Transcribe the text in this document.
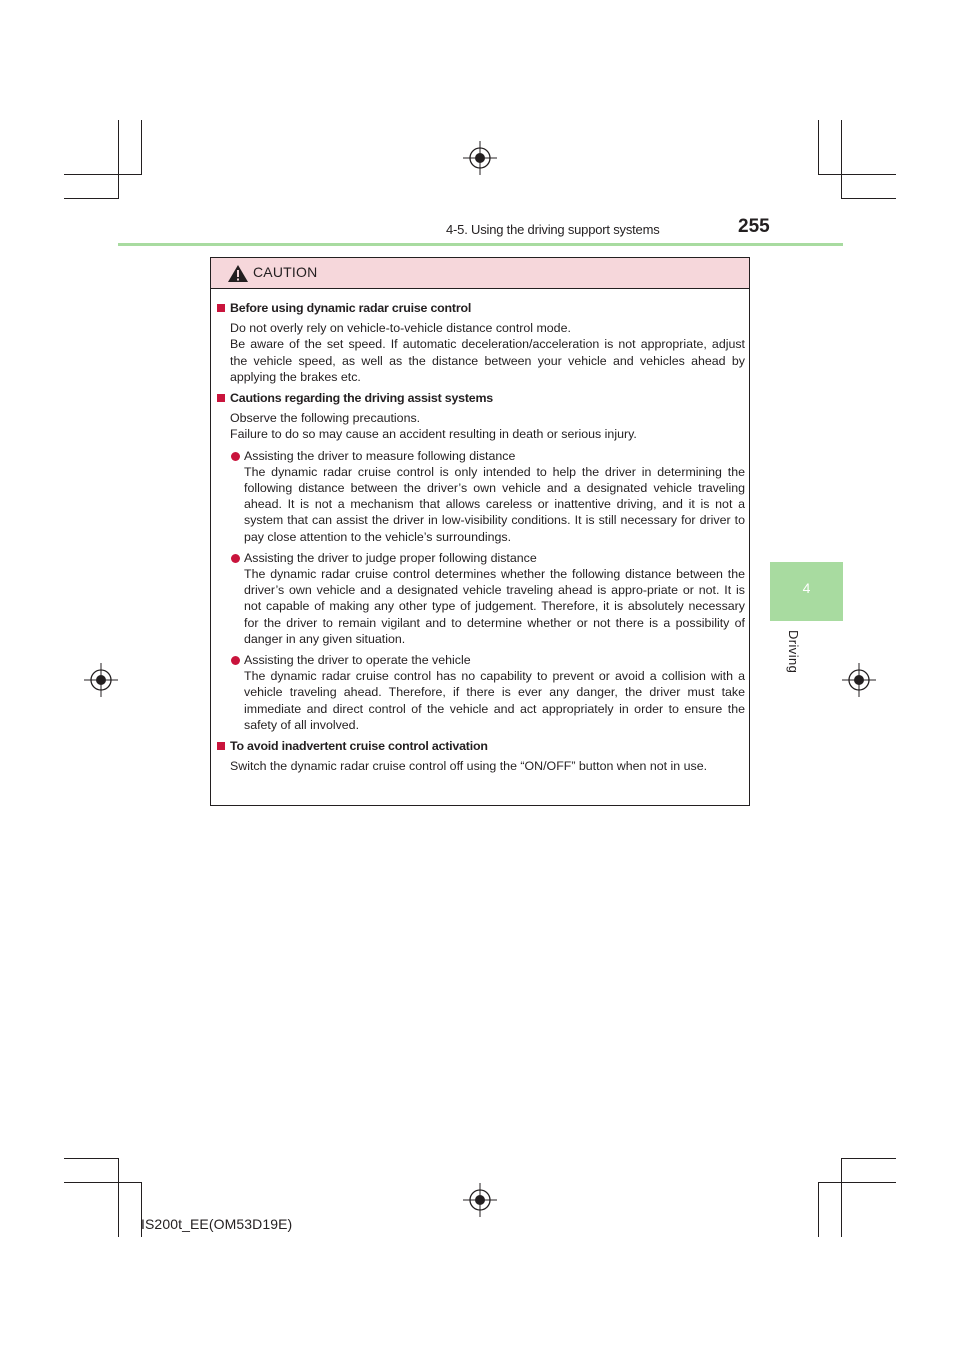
4-5. Using the driving support systems	255
4
Driving
CAUTION
Before using dynamic radar cruise control

Do not overly rely on vehicle-to-vehicle distance control mode.

Be aware of the set speed. If automatic deceleration/acceleration is not appropriate, adjust the vehicle speed, as well as the distance between your vehicle and vehicles ahead by applying the brakes etc.

Cautions regarding the driving assist systems

Observe the following precautions.

Failure to do so may cause an accident resulting in death or serious injury.

Assisting the driver to measure following distance
The dynamic radar cruise control is only intended to help the driver in determining the following distance between the driver’s own vehicle and a designated vehicle traveling ahead. It is not a mechanism that allows careless or inattentive driving, and it is not a system that can assist the driver in low-visibility conditions. It is still necessary for driver to pay close attention to the vehicle’s surroundings.
Assisting the driver to judge proper following distance
The dynamic radar cruise control determines whether the following distance between the driver’s own vehicle and a designated vehicle traveling ahead is appro-priate or not. It is not capable of making any other type of judgement. Therefore, it is absolutely necessary for the driver to remain vigilant and to determine whether or not there is a possibility of danger in any given situation.
Assisting the driver to operate the vehicle
The dynamic radar cruise control has no capability to prevent or avoid a collision with a vehicle traveling ahead. Therefore, if there is ever any danger, the driver must take immediate and direct control of the vehicle and act appropriately in order to ensure the safety of all involved.
To avoid inadvertent cruise control activation

Switch the dynamic radar cruise control off using the “ON/OFF” button when not in use.

IS200t_EE(OM53D19E)
